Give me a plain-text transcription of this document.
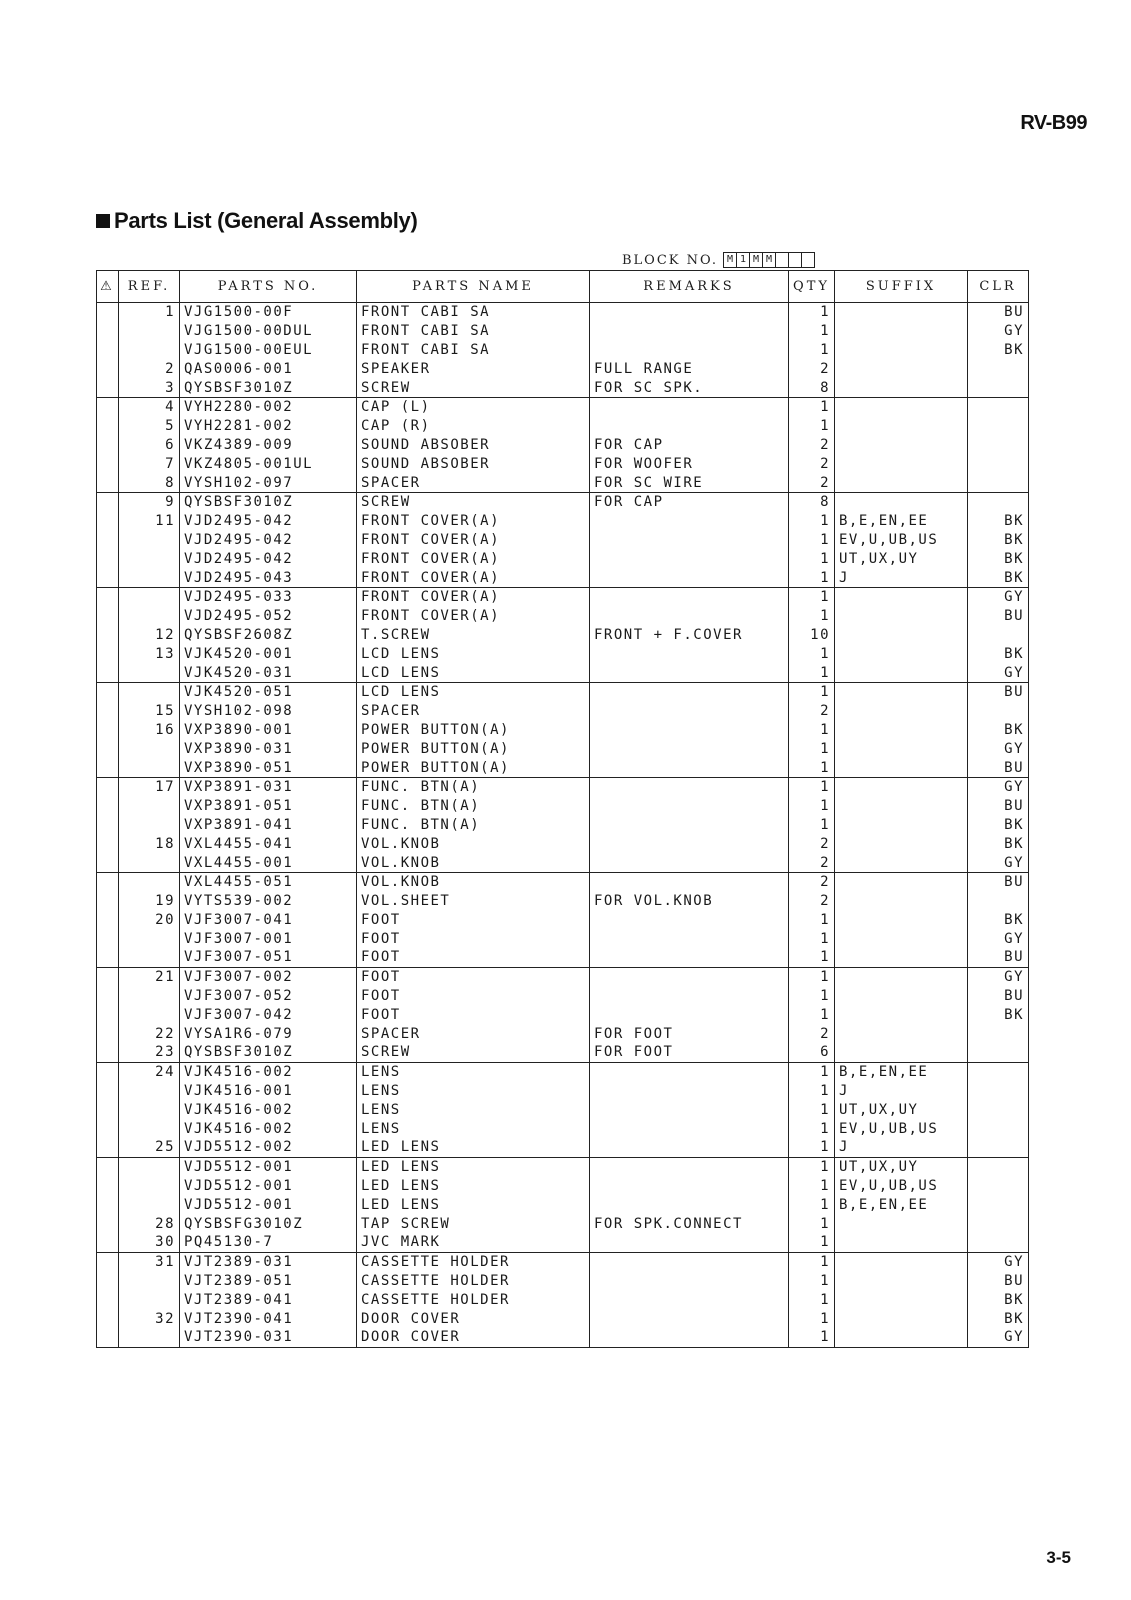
RV-B99
Parts List (General Assembly)
BLOCK NO. M 1 M M
⚠	REF.	PARTS NO.	PARTS NAME	REMARKS	QTY	SUFFIX	CLR
	1	VJG1500-00F	FRONT CABI SA		1		BU
		VJG1500-00DUL	FRONT CABI SA		1		GY
		VJG1500-00EUL	FRONT CABI SA		1		BK
	2	QAS0006-001	SPEAKER	FULL RANGE	2		
	3	QYSBSF3010Z	SCREW	FOR SC SPK.	8		
	4	VYH2280-002	CAP (L)		1		
	5	VYH2281-002	CAP (R)		1		
	6	VKZ4389-009	SOUND ABSOBER	FOR CAP	2		
	7	VKZ4805-001UL	SOUND ABSOBER	FOR WOOFER	2		
	8	VYSH102-097	SPACER	FOR SC WIRE	2		
	9	QYSBSF3010Z	SCREW	FOR CAP	8		
	11	VJD2495-042	FRONT COVER(A)		1	B,E,EN,EE	BK
		VJD2495-042	FRONT COVER(A)		1	EV,U,UB,US	BK
		VJD2495-042	FRONT COVER(A)		1	UT,UX,UY	BK
		VJD2495-043	FRONT COVER(A)		1	J	BK
		VJD2495-033	FRONT COVER(A)		1		GY
		VJD2495-052	FRONT COVER(A)		1		BU
	12	QYSBSF2608Z	T.SCREW	FRONT + F.COVER	10		
	13	VJK4520-001	LCD LENS		1		BK
		VJK4520-031	LCD LENS		1		GY
		VJK4520-051	LCD LENS		1		BU
	15	VYSH102-098	SPACER		2		
	16	VXP3890-001	POWER BUTTON(A)		1		BK
		VXP3890-031	POWER BUTTON(A)		1		GY
		VXP3890-051	POWER BUTTON(A)		1		BU
	17	VXP3891-031	FUNC. BTN(A)		1		GY
		VXP3891-051	FUNC. BTN(A)		1		BU
		VXP3891-041	FUNC. BTN(A)		1		BK
	18	VXL4455-041	VOL.KNOB		2		BK
		VXL4455-001	VOL.KNOB		2		GY
		VXL4455-051	VOL.KNOB		2		BU
	19	VYTS539-002	VOL.SHEET	FOR VOL.KNOB	2		
	20	VJF3007-041	FOOT		1		BK
		VJF3007-001	FOOT		1		GY
		VJF3007-051	FOOT		1		BU
	21	VJF3007-002	FOOT		1		GY
		VJF3007-052	FOOT		1		BU
		VJF3007-042	FOOT		1		BK
	22	VYSA1R6-079	SPACER	FOR FOOT	2		
	23	QYSBSF3010Z	SCREW	FOR FOOT	6		
	24	VJK4516-002	LENS		1	B,E,EN,EE	
		VJK4516-001	LENS		1	J	
		VJK4516-002	LENS		1	UT,UX,UY	
		VJK4516-002	LENS		1	EV,U,UB,US	
	25	VJD5512-002	LED LENS		1	J	
		VJD5512-001	LED LENS		1	UT,UX,UY	
		VJD5512-001	LED LENS		1	EV,U,UB,US	
		VJD5512-001	LED LENS		1	B,E,EN,EE	
	28	QYSBSFG3010Z	TAP SCREW	FOR SPK.CONNECT	1		
	30	PQ45130-7	JVC MARK		1		
	31	VJT2389-031	CASSETTE HOLDER		1		GY
		VJT2389-051	CASSETTE HOLDER		1		BU
		VJT2389-041	CASSETTE HOLDER		1		BK
	32	VJT2390-041	DOOR COVER		1		BK
		VJT2390-031	DOOR COVER		1		GY
3-5
